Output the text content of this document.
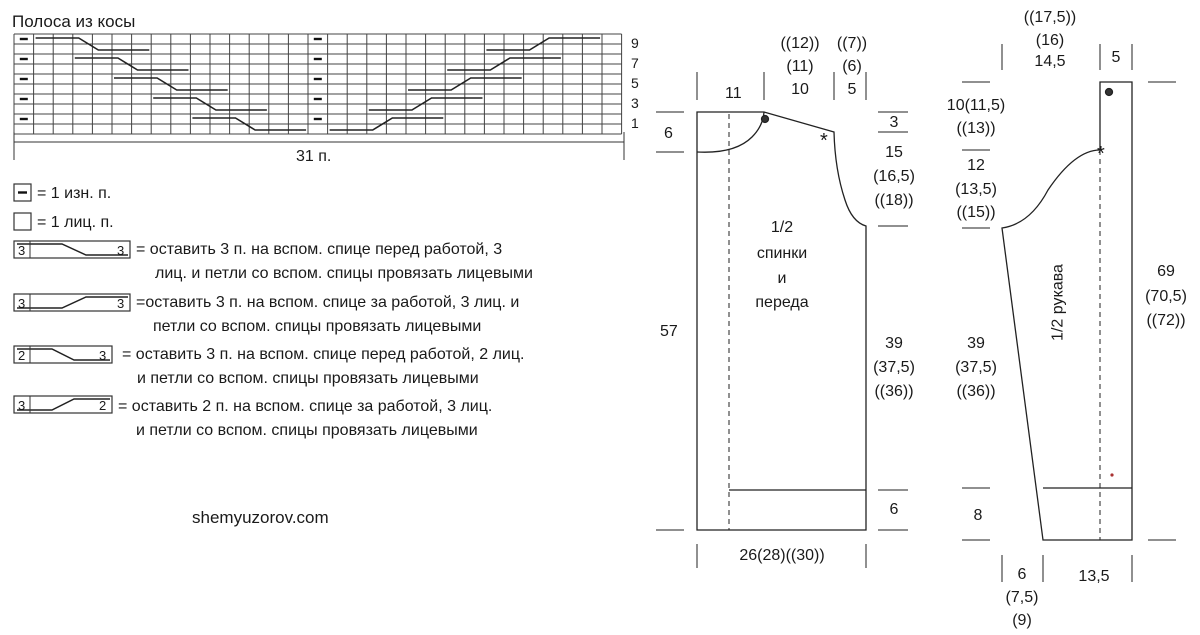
Полоса из косы
9
7
5
3
1
31 п.
3	3
3	3
2	3
3	2
= 1 изн. п.
= 1 лиц. п.
= оставить 3 п. на вспом. спице перед работой, 3
лиц. и петли со вспом. спицы провязать лицевыми
=оставить 3 п. на вспом. спице за работой, 3 лиц. и
петли со вспом. спицы провязать лицевыми
= оставить 3 п. на вспом. спице перед работой, 2 лиц.
и петли со вспом. спицы провязать лицевыми
= оставить 2 п. на вспом. спице за работой, 3 лиц.
и петли со вспом. спицы провязать лицевыми
shemyuzorov.com
1/2
спинки
и
переда
*
11
((12))
(11)
10
((7))
(6)
5
6
57
3
15
(16,5)
((18))
39
(37,5)
((36))
6
26(28)((30))
1/2 рукава
*
((17,5))
(16)
14,5	5
10(11,5)
((13))
12
(13,5)
((15))
39
(37,5)
((36))
69
(70,5)
((72))
8
13,5
6
(7,5)
(9)
